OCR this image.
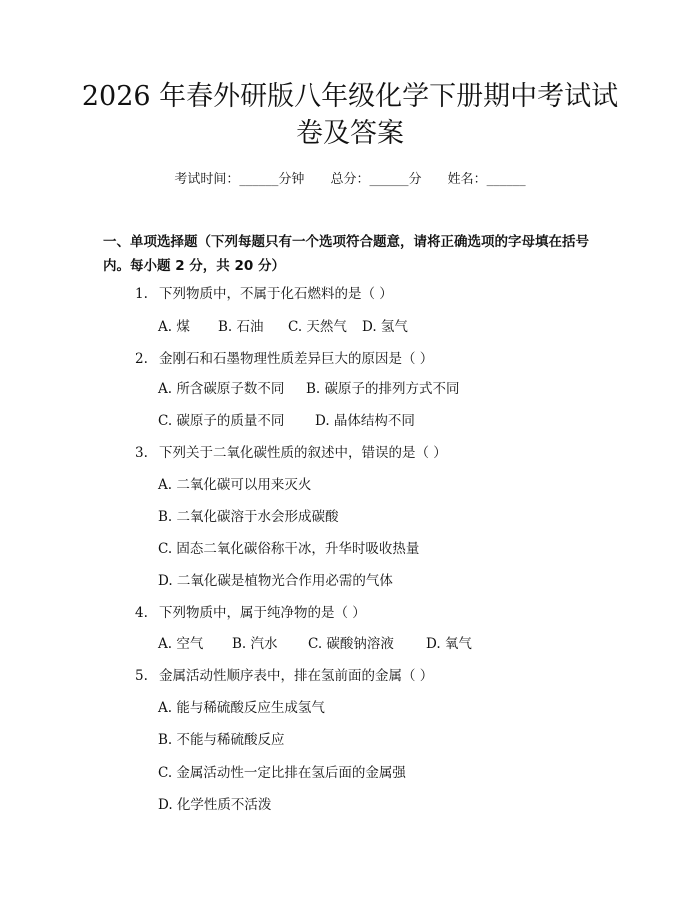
2026 年春外研版八年级化学下册期中考试试
卷及答案
考试时间：______分钟 总分：______分 姓名：______
一、单项选择题（下列每题只有一个选项符合题意，请将正确选项的字母填在括号内。每小题 2 分，共 20 分）
1. 下列物质中，不属于化石燃料的是（ ）
A. 煤 B. 石油 C. 天然气 D. 氢气
2. 金刚石和石墨物理性质差异巨大的原因是（ ）
A. 所含碳原子数不同 B. 碳原子的排列方式不同
C. 碳原子的质量不同 D. 晶体结构不同
3. 下列关于二氧化碳性质的叙述中，错误的是（ ）
A. 二氧化碳可以用来灭火
B. 二氧化碳溶于水会形成碳酸
C. 固态二氧化碳俗称干冰，升华时吸收热量
D. 二氧化碳是植物光合作用必需的气体
4. 下列物质中，属于纯净物的是（ ）
A. 空气 B. 汽水 C. 碳酸钠溶液 D. 氧气
5. 金属活动性顺序表中，排在氢前面的金属（ ）
A. 能与稀硫酸反应生成氢气
B. 不能与稀硫酸反应
C. 金属活动性一定比排在氢后面的金属强
D. 化学性质不活泼
